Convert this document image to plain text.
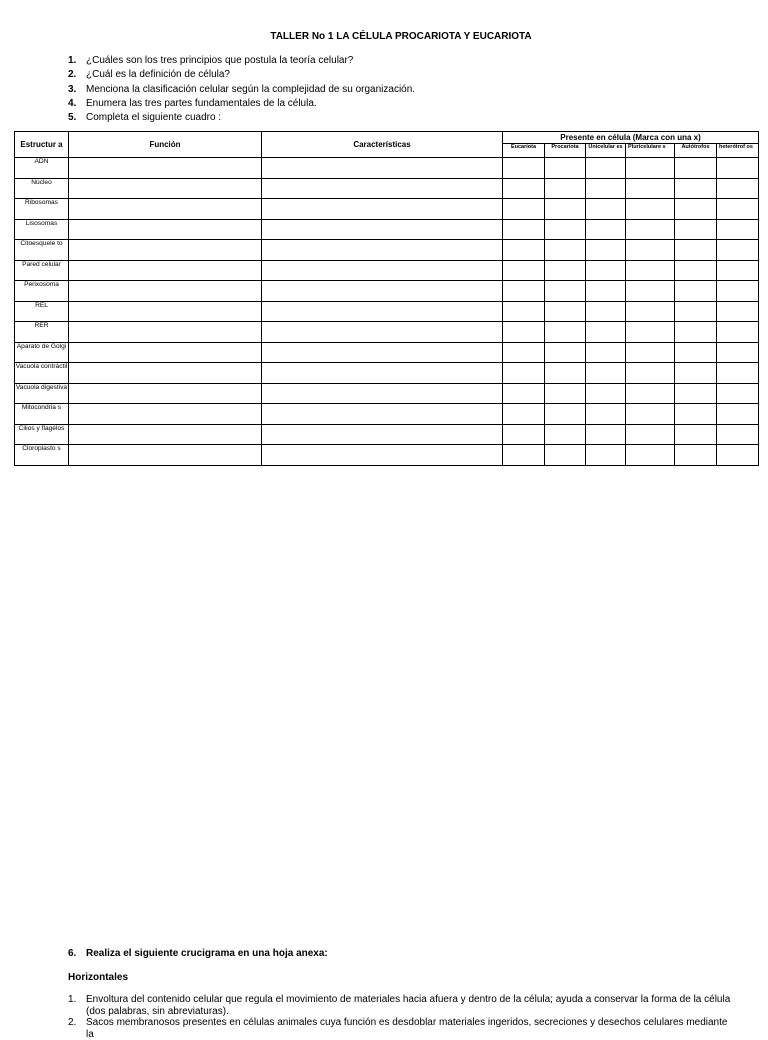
TALLER No 1 LA CÉLULA PROCARIOTA Y EUCARIOTA
1. ¿Cuáles son los tres principios que postula la teoría celular?
2. ¿Cuál es la definición de célula?
3. Menciona la clasificación celular según la complejidad de su organización.
4. Enumera las tres partes fundamentales de la célula.
5. Completa el siguiente cuadro :
Estructur a	Función	Características	Presente en célula (Marca con una x)					
			Eucariota	Procariota	Unicelular es	Pluricelulare s	Autótrofos	heterótrof os
ADN								
Núcleo								
Ribosomas								
Lisosomas								
Citoesquele to								
Pared celular								
Perixosoma								
REL								
RER								
Aparato de Golgi								
Vacuola contráctil								
Vacuola digestiva								
Mitocondria s								
Cilios y flagelos								
Cloroplasto s								

6. Realiza el siguiente crucigrama en una hoja anexa:

Horizontales

1. Envoltura del contenido celular que regula el movimiento de materiales hacia afuera y dentro de la célula; ayuda a conservar la forma de la célula (dos palabras, sin abreviaturas).
2. Sacos membranosos presentes en células animales cuya función es desdoblar materiales ingeridos, secreciones y desechos celulares mediante la
